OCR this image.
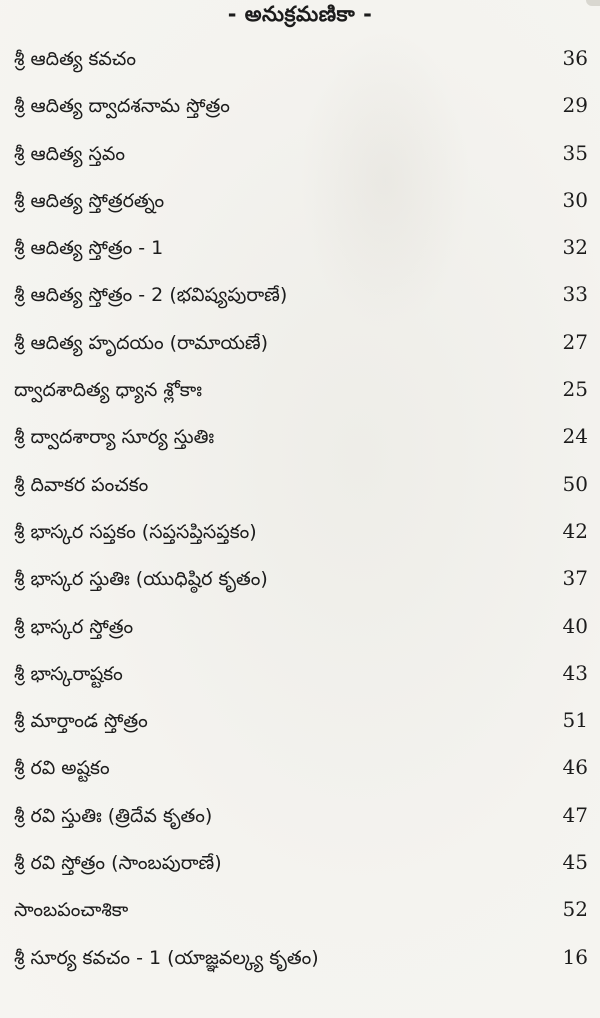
- అనుక్రమణికా -
శ్రీ ఆదిత్య కవచం	36
శ్రీ ఆదిత్య ద్వాదశనామ స్తోత్రం	29
శ్రీ ఆదిత్య స్తవం	35
శ్రీ ఆదిత్య స్తోత్రరత్నం	30
శ్రీ ఆదిత్య స్తోత్రం - 1	32
శ్రీ ఆదిత్య స్తోత్రం - 2 (భవిష్యపురాణే)	33
శ్రీ ఆదిత్య హృదయం (రామాయణే)	27
ద్వాదశాదిత్య ధ్యాన శ్లోకాః	25
శ్రీ ద్వాదశార్యా సూర్య స్తుతిః	24
శ్రీ దివాకర పంచకం	50
శ్రీ భాస్కర సప్తకం (సప్తసప్తిసప్తకం)	42
శ్రీ భాస్కర స్తుతిః (యుధిష్ఠిర కృతం)	37
శ్రీ భాస్కర స్తోత్రం	40
శ్రీ భాస్కరాష్టకం	43
శ్రీ మార్తాండ స్తోత్రం	51
శ్రీ రవి అష్టకం	46
శ్రీ రవి స్తుతిః (త్రిదేవ కృతం)	47
శ్రీ రవి స్తోత్రం (సాంబపురాణే)	45
సాంబపంచాశికా	52
శ్రీ సూర్య కవచం - 1 (యాజ్ఞవల్క్య కృతం)	16
